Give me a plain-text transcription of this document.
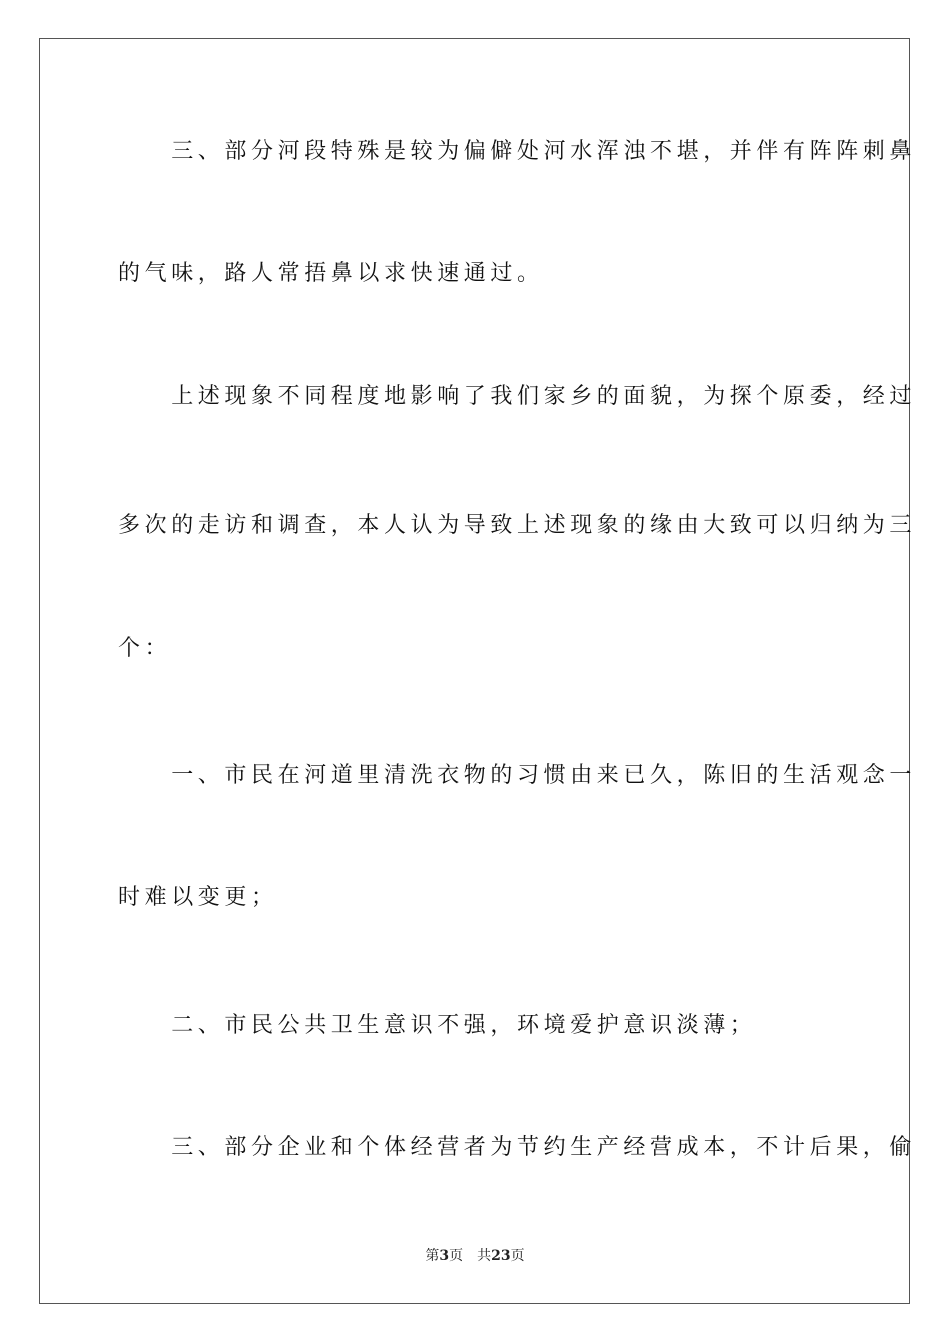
　　三、部分河段特殊是较为偏僻处河水浑浊不堪，并伴有阵阵刺鼻
的气味，路人常捂鼻以求快速通过。
　　上述现象不同程度地影响了我们家乡的面貌，为探个原委，经过
多次的走访和调查，本人认为导致上述现象的缘由大致可以归纳为三
个：
　　一、市民在河道里清洗衣物的习惯由来已久，陈旧的生活观念一
时难以变更；
　　二、市民公共卫生意识不强，环境爱护意识淡薄；
　　三、部分企业和个体经营者为节约生产经营成本，不计后果，偷
第3页　共23页
